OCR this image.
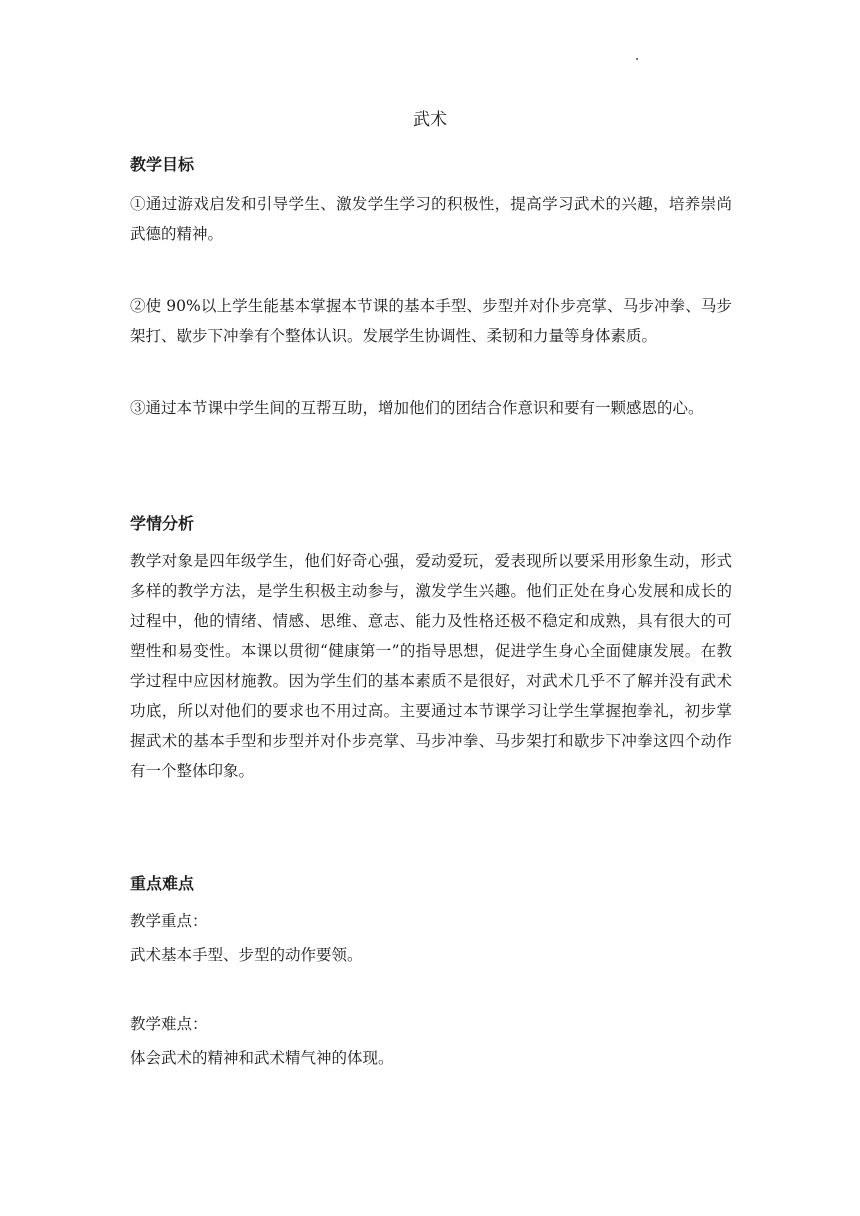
武术
教学目标

①通过游戏启发和引导学生、激发学生学习的积极性，提高学习武术的兴趣，培养崇尚武德的精神。

②使 90%以上学生能基本掌握本节课的基本手型、步型并对仆步亮掌、马步冲拳、马步架打、歇步下冲拳有个整体认识。发展学生协调性、柔韧和力量等身体素质。

③通过本节课中学生间的互帮互助，增加他们的团结合作意识和要有一颗感恩的心。

学情分析

教学对象是四年级学生，他们好奇心强，爱动爱玩，爱表现所以要采用形象生动，形式多样的教学方法，是学生积极主动参与，激发学生兴趣。他们正处在身心发展和成长的过程中，他的情绪、情感、思维、意志、能力及性格还极不稳定和成熟，具有很大的可塑性和易变性。本课以贯彻“健康第一”的指导思想，促进学生身心全面健康发展。在教学过程中应因材施教。因为学生们的基本素质不是很好，对武术几乎不了解并没有武术功底，所以对他们的要求也不用过高。主要通过本节课学习让学生掌握抱拳礼，初步掌握武术的基本手型和步型并对仆步亮掌、马步冲拳、马步架打和歇步下冲拳这四个动作有一个整体印象。

重点难点

教学重点：

武术基本手型、步型的动作要领。

教学难点：

体会武术的精神和武术精气神的体现。
